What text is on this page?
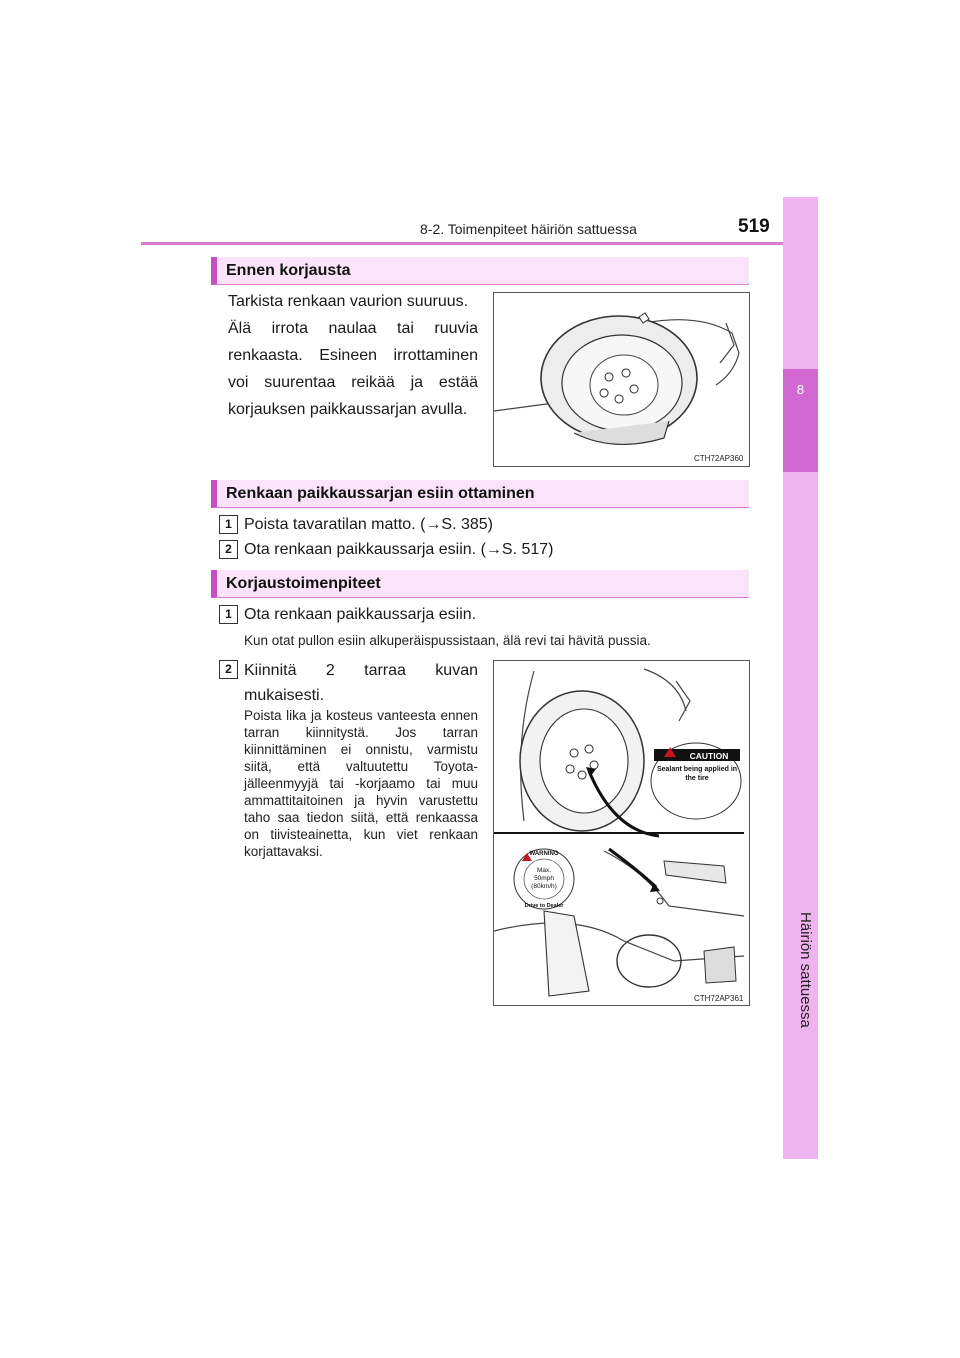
8-2. Toimenpiteet häiriön sattuessa	519
8
Häiriön sattuessa
Ennen korjausta
Tarkista renkaan vaurion suuruus.
Älä irrota naulaa tai ruuvia renkaasta. Esineen irrottaminen voi suurentaa reikää ja estää korjauksen paikkaussarjan avulla.
CTH72AP360
Renkaan paikkaussarjan esiin ottaminen
1 Poista tavaratilan matto. (→S. 385)
2 Ota renkaan paikkaussarja esiin. (→S. 517)
Korjaustoimenpiteet
1 Ota renkaan paikkaussarja esiin.
Kun otat pullon esiin alkuperäispussistaan, älä revi tai hävitä pussia.
2 Kiinnitä 2 tarraa kuvan mukaisesti.
Poista lika ja kosteus vanteesta ennen tarran kiinnitystä. Jos tarran kiinnittäminen ei onnistu, varmistu siitä, että valtuutettu Toyota-jälleenmyyjä tai -korjaamo tai muu ammattitaitoinen ja hyvin varustettu taho saa tiedon siitä, että renkaassa on tiivisteainetta, kun viet renkaan korjattavaksi.
CAUTION
Sealant being applied in the tire
WARNING
Max.
50mph
(80km/h)
Drive to Dealer
CTH72AP361
